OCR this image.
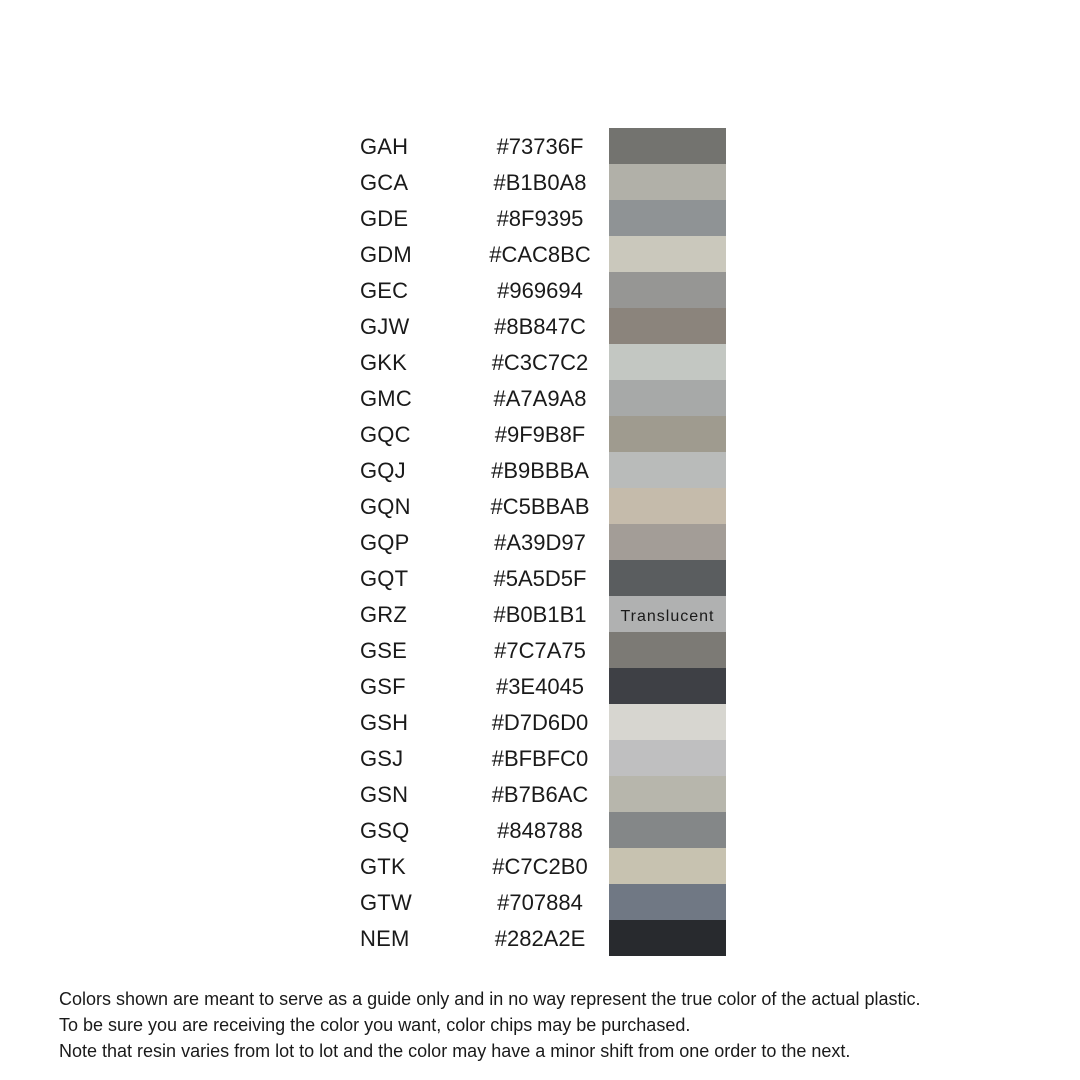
GAH	#73736F
GCA	#B1B0A8
GDE	#8F9395
GDM	#CAC8BC
GEC	#969694
GJW	#8B847C
GKK	#C3C7C2
GMC	#A7A9A8
GQC	#9F9B8F
GQJ	#B9BBBA
GQN	#C5BBAB
GQP	#A39D97
GQT	#5A5D5F
GRZ	#B0B1B1	Translucent
GSE	#7C7A75
GSF	#3E4045
GSH	#D7D6D0
GSJ	#BFBFC0
GSN	#B7B6AC
GSQ	#848788
GTK	#C7C2B0
GTW	#707884
NEM	#282A2E
Colors shown are meant to serve as a guide only and in no way represent the true color of the actual plastic.
To be sure you are receiving the color you want, color chips may be purchased.
Note that resin varies from lot to lot and the color may have a minor shift from one order to the next.
